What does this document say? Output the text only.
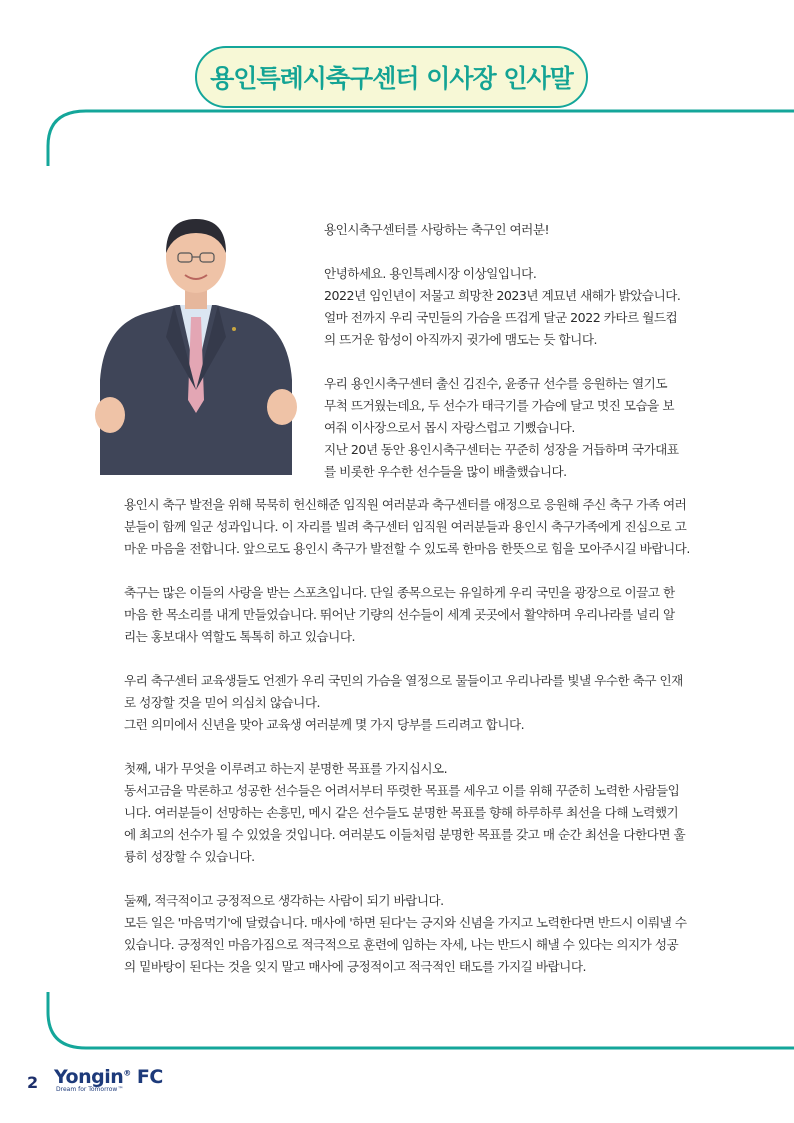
용인특례시축구센터 이사장 인사말
용인시축구센터를 사랑하는 축구인 여러분!
안녕하세요. 용인특례시장 이상일입니다.
2022년 임인년이 저물고 희망찬 2023년 계묘년 새해가 밝았습니다.
얼마 전까지 우리 국민들의 가슴을 뜨겁게 달군 2022 카타르 월드컵
의 뜨거운 함성이 아직까지 귓가에 맴도는 듯 합니다.
우리 용인시축구센터 출신 김진수, 윤종규 선수를 응원하는 열기도
무척 뜨거웠는데요, 두 선수가 태극기를 가슴에 달고 멋진 모습을 보
여줘 이사장으로서 몹시 자랑스럽고 기뻤습니다.
지난 20년 동안 용인시축구센터는 꾸준히 성장을 거듭하며 국가대표
를 비롯한 우수한 선수들을 많이 배출했습니다.
용인시 축구 발전을 위해 묵묵히 헌신해준 임직원 여러분과 축구센터를 애정으로 응원해 주신 축구 가족 여러
분들이 함께 일군 성과입니다. 이 자리를 빌려 축구센터 임직원 여러분들과 용인시 축구가족에게 진심으로 고
마운 마음을 전합니다. 앞으로도 용인시 축구가 발전할 수 있도록 한마음 한뜻으로 힘을 모아주시길 바랍니다.
축구는 많은 이들의 사랑을 받는 스포츠입니다. 단일 종목으로는 유일하게 우리 국민을 광장으로 이끌고 한
마음 한 목소리를 내게 만들었습니다. 뛰어난 기량의 선수들이 세계 곳곳에서 활약하며 우리나라를 널리 알
리는 홍보대사 역할도 톡톡히 하고 있습니다.
우리 축구센터 교육생들도 언젠가 우리 국민의 가슴을 열정으로 물들이고 우리나라를 빛낼 우수한 축구 인재
로 성장할 것을 믿어 의심치 않습니다.
그런 의미에서 신년을 맞아 교육생 여러분께 몇 가지 당부를 드리려고 합니다.
첫째, 내가 무엇을 이루려고 하는지 분명한 목표를 가지십시오.
동서고금을 막론하고 성공한 선수들은 어려서부터 뚜렷한 목표를 세우고 이를 위해 꾸준히 노력한 사람들입
니다. 여러분들이 선망하는 손흥민, 메시 같은 선수들도 분명한 목표를 향해 하루하루 최선을 다해 노력했기
에 최고의 선수가 될 수 있었을 것입니다. 여러분도 이들처럼 분명한 목표를 갖고 매 순간 최선을 다한다면 훌
륭히 성장할 수 있습니다.
둘째, 적극적이고 긍정적으로 생각하는 사람이 되기 바랍니다.
모든 일은 '마음먹기'에 달렸습니다. 매사에 '하면 된다'는 긍지와 신념을 가지고 노력한다면 반드시 이뤄낼 수
있습니다. 긍정적인 마음가짐으로 적극적으로 훈련에 임하는 자세, 나는 반드시 해낼 수 있다는 의지가 성공
의 밑바탕이 된다는 것을 잊지 말고 매사에 긍정적이고 적극적인 태도를 가지길 바랍니다.
2 Yongin® FC
Dream for Tomorrow™
